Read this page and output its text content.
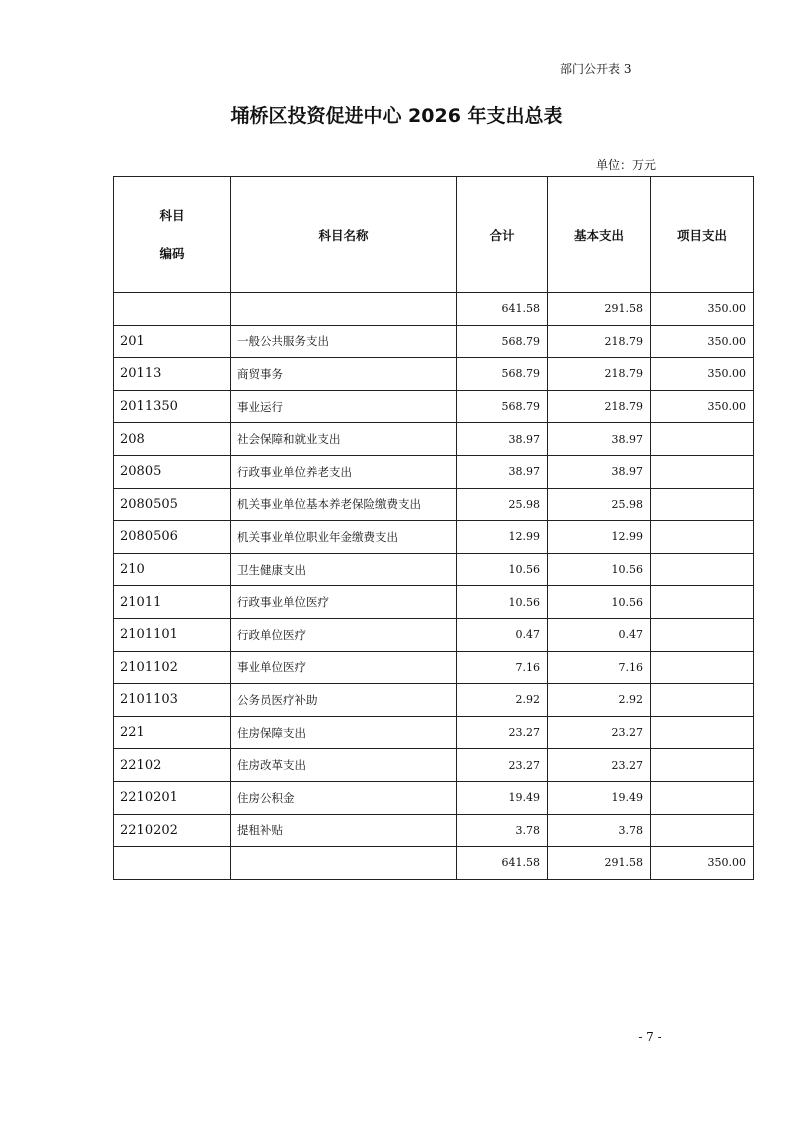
部门公开表 3
埇桥区投资促进中心 2026 年支出总表
单位：万元
科目
编码	科目名称	合计	基本支出	项目支出
		641.58	291.58	350.00
201	一般公共服务支出	568.79	218.79	350.00
20113	商贸事务	568.79	218.79	350.00
2011350	事业运行	568.79	218.79	350.00
208	社会保障和就业支出	38.97	38.97	
20805	行政事业单位养老支出	38.97	38.97	
2080505	机关事业单位基本养老保险缴费支出	25.98	25.98	
2080506	机关事业单位职业年金缴费支出	12.99	12.99	
210	卫生健康支出	10.56	10.56	
21011	行政事业单位医疗	10.56	10.56	
2101101	行政单位医疗	0.47	0.47	
2101102	事业单位医疗	7.16	7.16	
2101103	公务员医疗补助	2.92	2.92	
221	住房保障支出	23.27	23.27	
22102	住房改革支出	23.27	23.27	
2210201	住房公积金	19.49	19.49	
2210202	提租补贴	3.78	3.78	
		641.58	291.58	350.00
- 7 -
